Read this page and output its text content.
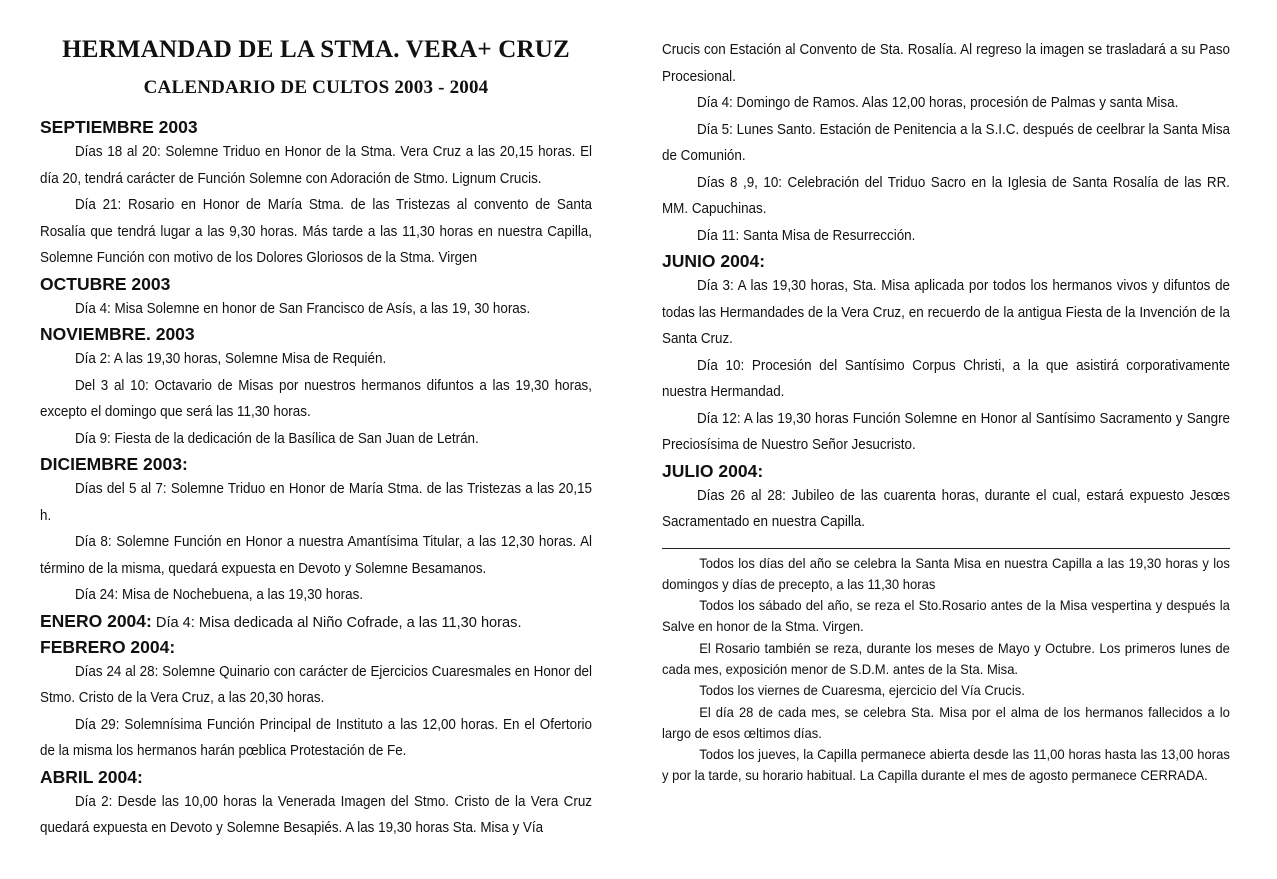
HERMANDAD DE LA STMA. VERA+ CRUZ
CALENDARIO DE CULTOS 2003 - 2004
SEPTIEMBRE 2003

Días 18 al 20: Solemne Triduo en Honor de la Stma. Vera Cruz a las 20,15 horas. El día 20, tendrá carácter de Función Solemne con Adoración de Stmo. Lignum Crucis.

Día 21: Rosario en Honor de María Stma. de las Tristezas al convento de Santa Rosalía que tendrá lugar a las 9,30 horas. Más tarde a las 11,30 horas en nuestra Capilla, Solemne Función con motivo de los Dolores Gloriosos de la Stma. Virgen

OCTUBRE 2003

Día 4: Misa Solemne en honor de San Francisco de Asís, a las 19, 30 horas.

NOVIEMBRE. 2003

Día 2: A las 19,30 horas, Solemne Misa de Requién.

Del 3 al 10: Octavario de Misas por nuestros hermanos difuntos a las 19,30 horas, excepto el domingo que será las 11,30 horas.

Día 9: Fiesta de la dedicación de la Basílica de San Juan de Letrán.

DICIEMBRE 2003:

Días del 5 al 7: Solemne Triduo en Honor de María Stma. de las Tristezas a las 20,15 h.

Día 8: Solemne Función en Honor a nuestra Amantísima Titular, a las 12,30 horas. Al término de la misma, quedará expuesta en Devoto y Solemne Besamanos.

Día 24: Misa de Nochebuena, a las 19,30 horas.

ENERO 2004: Día 4: Misa dedicada al Niño Cofrade, a las 11,30 horas.
FEBRERO 2004:

Días 24 al 28: Solemne Quinario con carácter de Ejercicios Cuaresmales en Honor del Stmo. Cristo de la Vera Cruz, a las 20,30 horas.

Día 29: Solemnísima Función Principal de Instituto a las 12,00 horas. En el Ofertorio de la misma los hermanos harán pœblica Protestación de Fe.

ABRIL 2004:

Día 2: Desde las 10,00 horas la Venerada Imagen del Stmo. Cristo de la Vera Cruz quedará expuesta en Devoto y Solemne Besapiés. A las 19,30 horas Sta. Misa y Vía

Crucis con Estación al Convento de Sta. Rosalía. Al regreso la imagen se trasladará a su Paso Procesional.

Día 4: Domingo de Ramos. Alas 12,00 horas, procesión de Palmas y santa Misa.

Día 5: Lunes Santo. Estación de Penitencia a la S.I.C. después de ceelbrar la Santa Misa de Comunión.

Días 8 ,9, 10: Celebración del Triduo Sacro en la Iglesia de Santa Rosalía de las RR. MM. Capuchinas.

Día 11: Santa Misa de Resurrección.

JUNIO 2004:

Día 3: A las 19,30 horas, Sta. Misa aplicada por todos los hermanos vivos y difuntos de todas las Hermandades de la Vera Cruz, en recuerdo de la antigua Fiesta de la Invención de la Santa Cruz.

Día 10: Procesión del Santísimo Corpus Christi, a la que asistirá corporativamente nuestra Hermandad.

Día 12: A las 19,30 horas Función Solemne en Honor al Santísimo Sacramento y Sangre Preciosísima de Nuestro Señor Jesucristo.

JULIO 2004:

Días 26 al 28: Jubileo de las cuarenta horas, durante el cual, estará expuesto Jesœs Sacramentado en nuestra Capilla.

Todos los días del año se celebra la Santa Misa en nuestra Capilla a las 19,30 horas y los domingos y días de precepto, a las 11,30 horas

Todos los sábado del año, se reza el Sto.Rosario antes de la Misa vespertina y después la Salve en honor de la Stma. Virgen.

El Rosario también se reza, durante los meses de Mayo y Octubre. Los primeros lunes de cada mes, exposición menor de S.D.M. antes de la Sta. Misa.

Todos los viernes de Cuaresma, ejercicio del Vía Crucis.

El día 28 de cada mes, se celebra Sta. Misa por el alma de los hermanos fallecidos a lo largo de esos œltimos días.

Todos los jueves, la Capilla permanece abierta desde las 11,00 horas hasta las 13,00 horas y por la tarde, su horario habitual. La Capilla durante el mes de agosto permanece CERRADA.
